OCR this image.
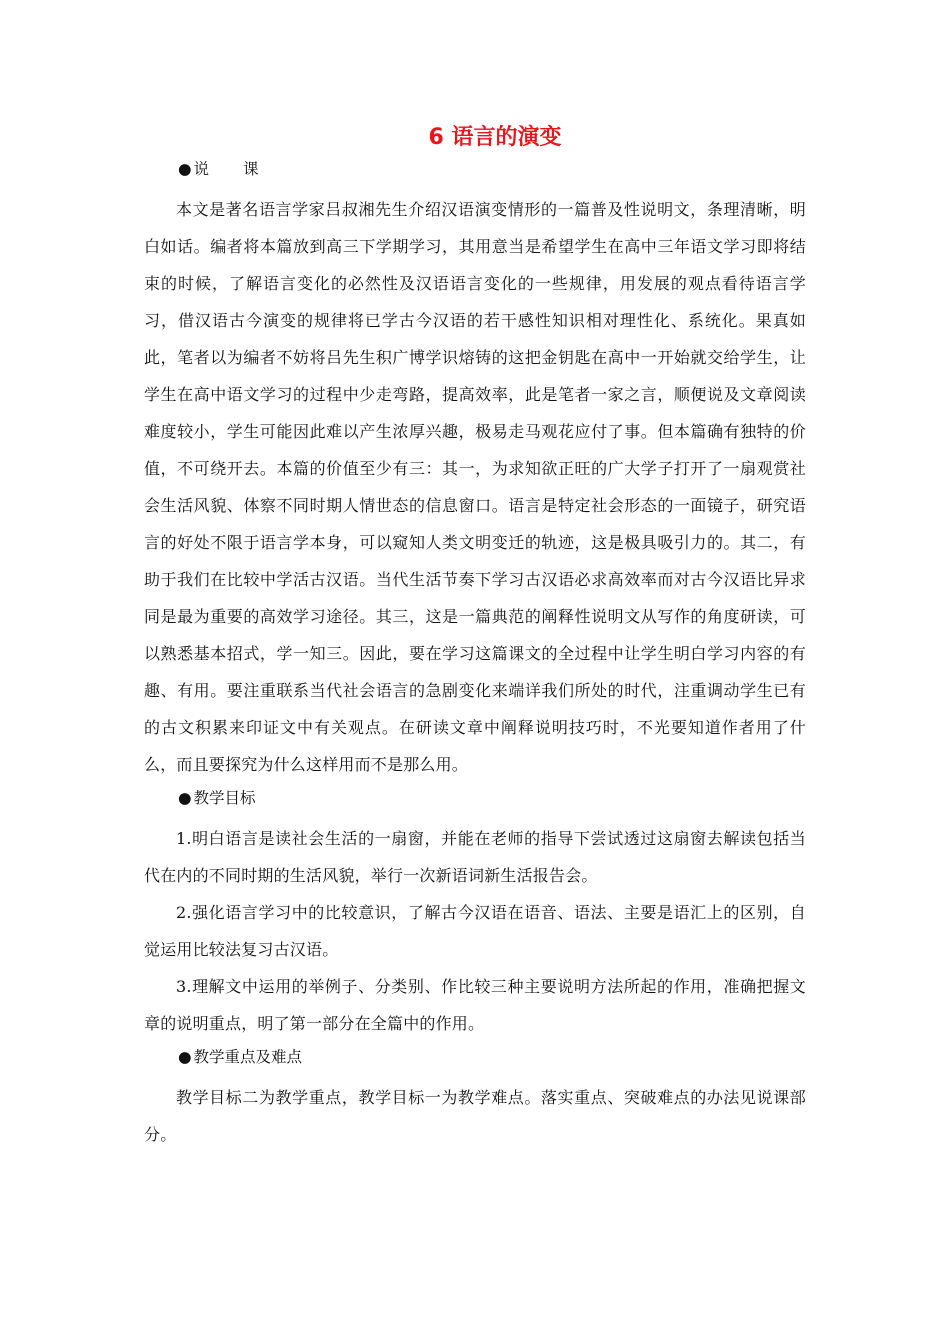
6 语言的演变
● 说课

本文是著名语言学家吕叔湘先生介绍汉语演变情形的一篇普及性说明文，条理清晰，明白如话。编者将本篇放到高三下学期学习，其用意当是希望学生在高中三年语文学习即将结束的时候，了解语言变化的必然性及汉语语言变化的一些规律，用发展的观点看待语言学习，借汉语古今演变的规律将已学古今汉语的若干感性知识相对理性化、系统化。果真如此，笔者以为编者不妨将吕先生积广博学识熔铸的这把金钥匙在高中一开始就交给学生，让学生在高中语文学习的过程中少走弯路，提高效率，此是笔者一家之言，顺便说及文章阅读难度较小，学生可能因此难以产生浓厚兴趣，极易走马观花应付了事。但本篇确有独特的价值，不可绕开去。本篇的价值至少有三：其一，为求知欲正旺的广大学子打开了一扇观赏社会生活风貌、体察不同时期人情世态的信息窗口。语言是特定社会形态的一面镜子，研究语言的好处不限于语言学本身，可以窥知人类文明变迁的轨迹，这是极具吸引力的。其二，有助于我们在比较中学活古汉语。当代生活节奏下学习古汉语必求高效率而对古今汉语比异求同是最为重要的高效学习途径。其三，这是一篇典范的阐释性说明文从写作的角度研读，可以熟悉基本招式，学一知三。因此，要在学习这篇课文的全过程中让学生明白学习内容的有趣、有用。要注重联系当代社会语言的急剧变化来端详我们所处的时代，注重调动学生已有的古文积累来印证文中有关观点。在研读文章中阐释说明技巧时，不光要知道作者用了什么，而且要探究为什么这样用而不是那么用。

● 教学目标

1.明白语言是读社会生活的一扇窗，并能在老师的指导下尝试透过这扇窗去解读包括当代在内的不同时期的生活风貌，举行一次新语词新生活报告会。

2.强化语言学习中的比较意识，了解古今汉语在语音、语法、主要是语汇上的区别，自觉运用比较法复习古汉语。

3.理解文中运用的举例子、分类别、作比较三种主要说明方法所起的作用，准确把握文章的说明重点，明了第一部分在全篇中的作用。

● 教学重点及难点

教学目标二为教学重点，教学目标一为教学难点。落实重点、突破难点的办法见说课部分。
